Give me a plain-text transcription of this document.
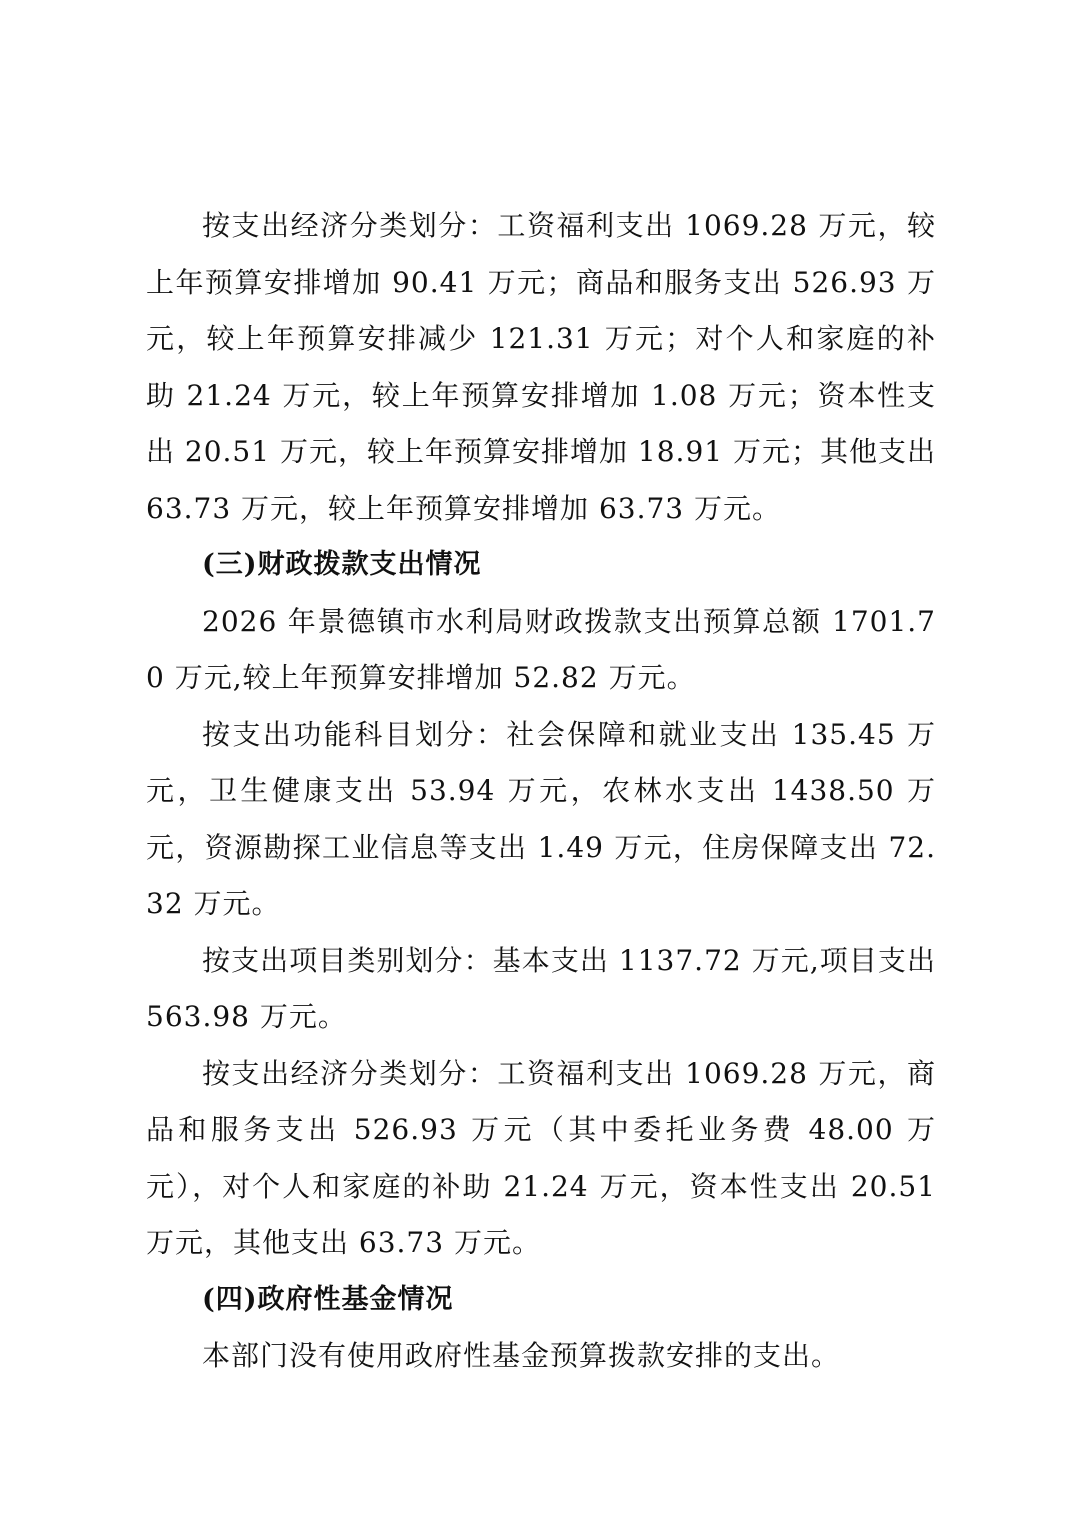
按支出经济分类划分：工资福利支出 1069.28 万元，较上年预算安排增加 90.41 万元；商品和服务支出 526.93 万元，较上年预算安排减少 121.31 万元；对个人和家庭的补助 21.24 万元，较上年预算安排增加 1.08 万元；资本性支出 20.51 万元，较上年预算安排增加 18.91 万元；其他支出 63.73 万元，较上年预算安排增加 63.73 万元。

(三)财政拨款支出情况

2026 年景德镇市水利局财政拨款支出预算总额 1701.70 万元,较上年预算安排增加 52.82 万元。

按支出功能科目划分：社会保障和就业支出 135.45 万元，卫生健康支出 53.94 万元，农林水支出 1438.50 万元，资源勘探工业信息等支出 1.49 万元，住房保障支出 72.32 万元。

按支出项目类别划分：基本支出 1137.72 万元,项目支出 563.98 万元。

按支出经济分类划分：工资福利支出 1069.28 万元，商品和服务支出 526.93 万元（其中委托业务费 48.00 万元），对个人和家庭的补助 21.24 万元，资本性支出 20.51 万元，其他支出 63.73 万元。

(四)政府性基金情况

本部门没有使用政府性基金预算拨款安排的支出。
